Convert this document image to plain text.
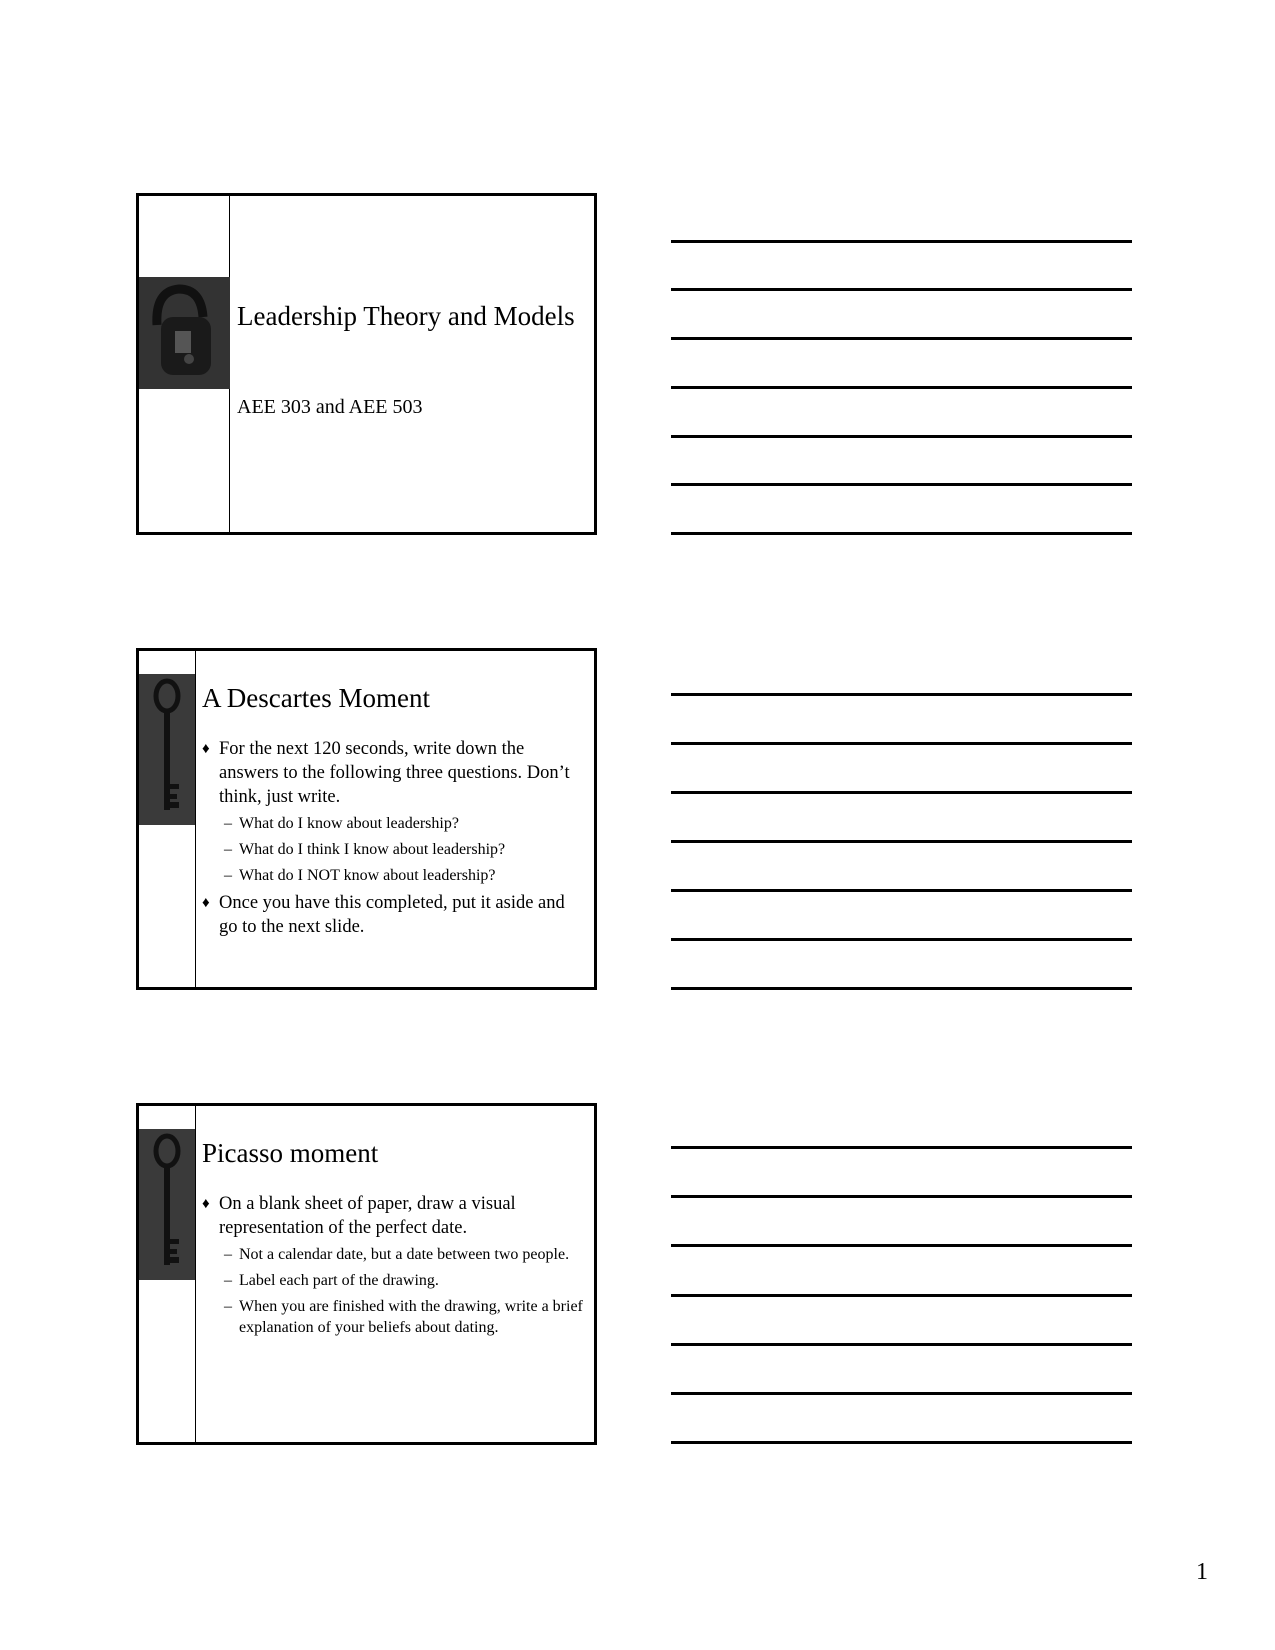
Leadership Theory and Models
AEE 303 and AEE 503
A Descartes Moment
♦ For the next 120 seconds, write down the answers to the following three questions. Don’t think, just write.
– What do I know about leadership?
– What do I think I know about leadership?
– What do I NOT know about leadership?
♦ Once you have this completed, put it aside and go to the next slide.
Picasso moment
♦ On a blank sheet of paper, draw a visual representation of the perfect date.
– Not a calendar date, but a date between two people.
– Label each part of the drawing.
– When you are finished with the drawing, write a brief explanation of your beliefs about dating.
1
